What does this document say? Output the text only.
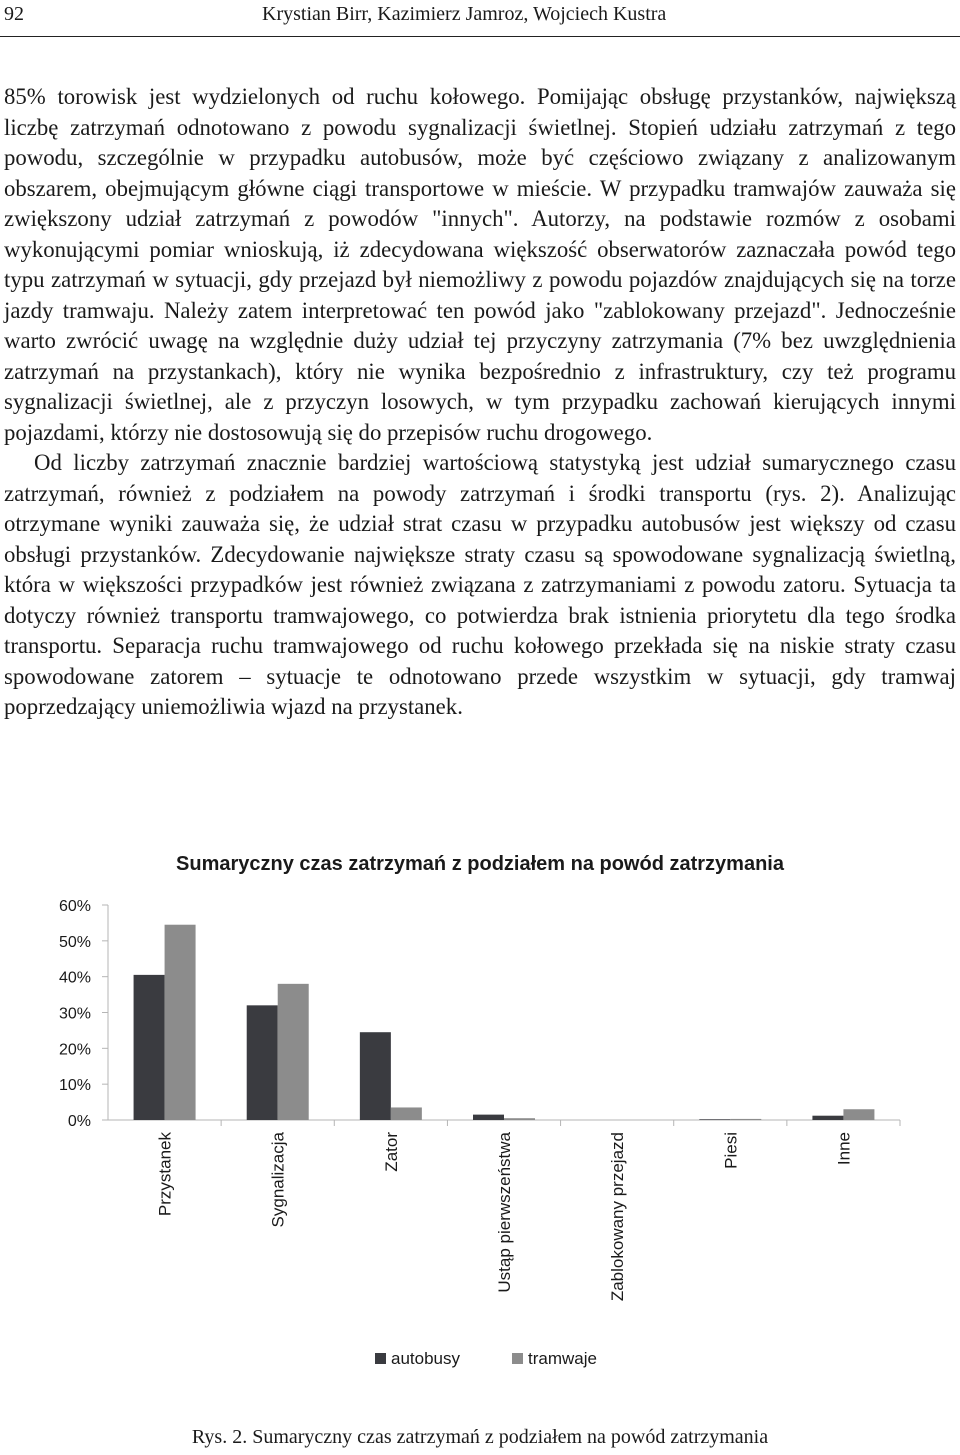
92	Krystian Birr, Kazimierz Jamroz, Wojciech Kustra

85% torowisk jest wydzielonych od ruchu kołowego. Pomijając obsługę przystanków, największą liczbę zatrzymań odnotowano z powodu sygnalizacji świetlnej. Stopień udziału zatrzymań z tego powodu, szczególnie w przypadku autobusów, może być częściowo związany z analizowanym obszarem, obejmującym główne ciągi transportowe w mieście. W przypadku tramwajów zauważa się zwiększony udział zatrzymań z powodów "innych". Autorzy, na podstawie rozmów z osobami wykonującymi pomiar wnioskują, iż zdecydowana większość obserwatorów zaznaczała powód tego typu zatrzymań w sytuacji, gdy przejazd był niemożliwy z powodu pojazdów znajdujących się na torze jazdy tramwaju. Należy zatem interpretować ten powód jako "zablokowany przejazd". Jednocześnie warto zwrócić uwagę na względnie duży udział tej przyczyny zatrzymania (7% bez uwzględnienia zatrzymań na przystankach), który nie wynika bezpośrednio z infrastruktury, czy też programu sygnalizacji świetlnej, ale z przyczyn losowych, w tym przypadku zachowań kierujących innymi pojazdami, którzy nie dostosowują się do przepisów ruchu drogowego.

Od liczby zatrzymań znacznie bardziej wartościową statystyką jest udział sumarycznego czasu zatrzymań, również z podziałem na powody zatrzymań i środki transportu (rys. 2). Analizując otrzymane wyniki zauważa się, że udział strat czasu w przypadku autobusów jest większy od czasu obsługi przystanków. Zdecydowanie największe straty czasu są spowodowane sygnalizacją świetlną, która w większości przypadków jest również związana z zatrzymaniami z powodu zatoru. Sytuacja ta dotyczy również transportu tramwajowego, co potwierdza brak istnienia priorytetu dla tego środka transportu. Separacja ruchu tramwajowego od ruchu kołowego przekłada się na niskie straty czasu spowodowane zatorem – sytuacje te odnotowano przede wszystkim w sytuacji, gdy tramwaj poprzedzający uniemożliwia wjazd na przystanek.

Sumaryczny czas zatrzymań z podziałem na powód zatrzymania
0%
10%
20%
30%
40%
50%
60%
Przystanek	Sygnalizacja	Zator	Ustąp pierwszeństwa	Zablokowany przejazd	Piesi	Inne
autobusy	tramwaje
Rys. 2. Sumaryczny czas zatrzymań z podziałem na powód zatrzymania
